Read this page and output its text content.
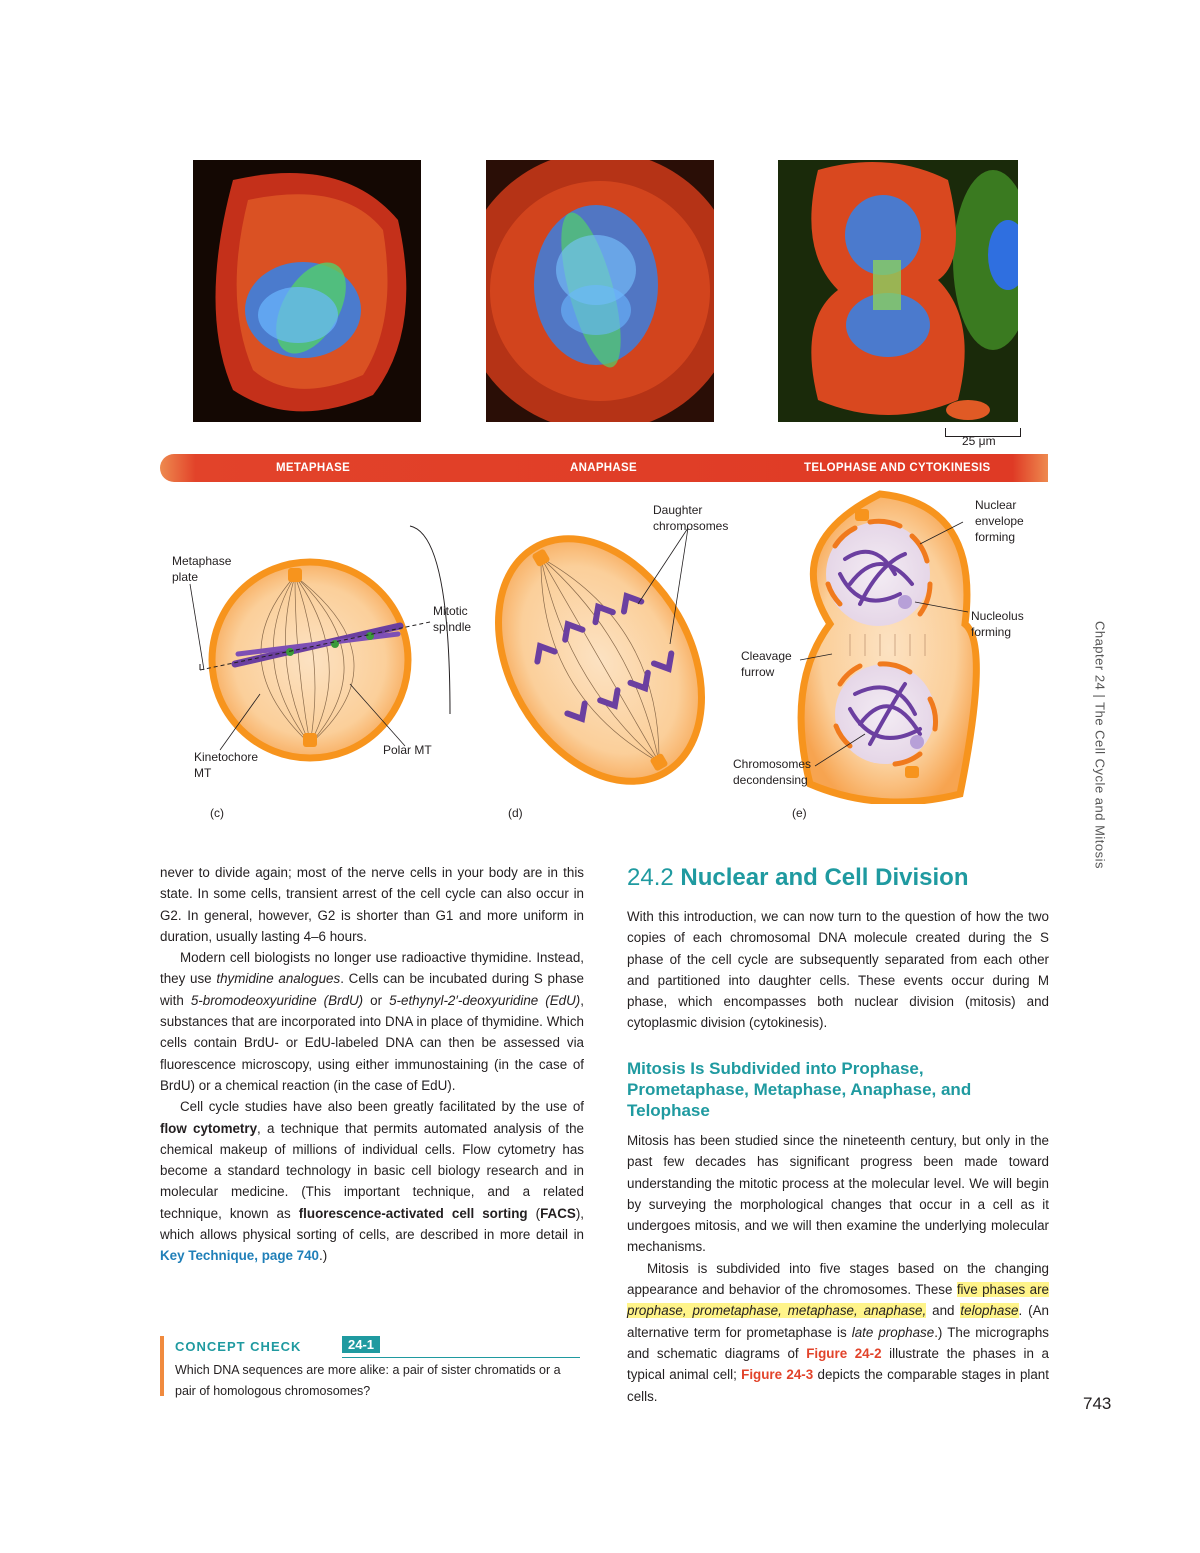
25 μm
METAPHASE	ANAPHASE	TELOPHASE AND CYTOKINESIS
Metaphase
plate
Mitotic
spindle
Kinetochore
MT
Polar MT
Daughter
chromosomes
Nuclear
envelope
forming
Nucleolus
forming
Cleavage
furrow
Chromosomes
decondensing
(c)	(d)	(e)

never to divide again; most of the nerve cells in your body are in this state. In some cells, transient arrest of the cell cycle can also occur in G2. In general, however, G2 is shorter than G1 and more uniform in duration, usually lasting 4–6 hours.

Modern cell biologists no longer use radioactive thymidine. Instead, they use thymidine analogues. Cells can be incubated during S phase with 5-bromodeoxyuridine (BrdU) or 5-ethynyl-2′-deoxyuridine (EdU), substances that are incorporated into DNA in place of thymidine. Which cells contain BrdU- or EdU-labeled DNA can then be assessed via fluorescence microscopy, using either immunostaining (in the case of BrdU) or a chemical reaction (in the case of EdU).

Cell cycle studies have also been greatly facilitated by the use of flow cytometry, a technique that permits automated analysis of the chemical makeup of millions of individual cells. Flow cytometry has become a standard technology in basic cell biology research and in molecular medicine. (This important technique, and a related technique, known as fluorescence-activated cell sorting (FACS), which allows physical sorting of cells, are described in more detail in Key Technique, page 740.)

CONCEPT CHECK	24-1
Which DNA sequences are more alike: a pair of sister chromatids or a pair of homologous chromosomes?
24.2 Nuclear and Cell Division
With this introduction, we can now turn to the question of how the two copies of each chromosomal DNA molecule created during the S phase of the cell cycle are subsequently separated from each other and partitioned into daughter cells. These events occur during M phase, which encompasses both nuclear division (mitosis) and cytoplasmic division (cytokinesis).
Mitosis Is Subdivided into Prophase, Prometaphase, Metaphase, Anaphase, and Telophase

Mitosis has been studied since the nineteenth century, but only in the past few decades has significant progress been made toward understanding the mitotic process at the molecular level. We will begin by surveying the morphological changes that occur in a cell as it undergoes mitosis, and we will then examine the underlying molecular mechanisms.

Mitosis is subdivided into five stages based on the changing appearance and behavior of the chromosomes. These five phases are prophase, prometaphase, metaphase, anaphase, and telophase. (An alternative term for prometaphase is late prophase.) The micrographs and schematic diagrams of Figure 24-2 illustrate the phases in a typical animal cell; Figure 24-3 depicts the comparable stages in plant cells.

Chapter 24 | The Cell Cycle and Mitosis
743
